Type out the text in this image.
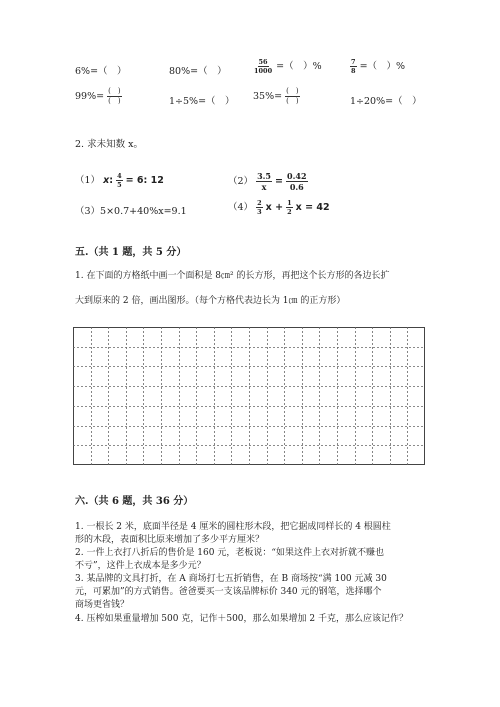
6%=（　）	80%=（　）	$\frac{56}{1000}$ =（　）%	$\frac{7}{8}$ =（　）%
$99\%= \frac{( )}{( )}$	1÷5%=（　） $35\%= \frac{( )}{( )}$	1÷20%=（　）
2. 求未知数 x。
（1） x: $\frac{4}{5} = 6$: 12	$(2) \frac{3.5}{x} = \frac{0.42}{0.6}$
（3）5×0.7+40%x=9.1	$(4) \frac{2}{3}$ $x + \frac{1}{2}$ x = 42
五.（共 1 题，共 5 分）
1. 在下面的方格纸中画一个面积是 8㎝² 的长方形，再把这个长方形的各边长扩
大到原来的 2 倍，画出图形。（每个方格代表边长为 1㎝ 的正方形）
六.（共 6 题，共 36 分）
1. 一根长 2 米，底面半径是 4 厘米的圆柱形木段，把它据成同样长的 4 根圆柱
形的木段，表面积比原来增加了多少平方厘米？
2. 一件上衣打八折后的售价是 160 元，老板说：“如果这件上衣对折就不赚也
不亏”，这件上衣成本是多少元？
3. 某品牌的文具打折，在 A 商场打七五折销售，在 B 商场按“满 100 元减 30
元，可累加”的方式销售。爸爸要买一支该品牌标价 340 元的钢笔，选择哪个
商场更省钱？
4. 压榨如果重量增加 500 克，记作＋500，那么如果增加 2 千克，那么应该记作？
